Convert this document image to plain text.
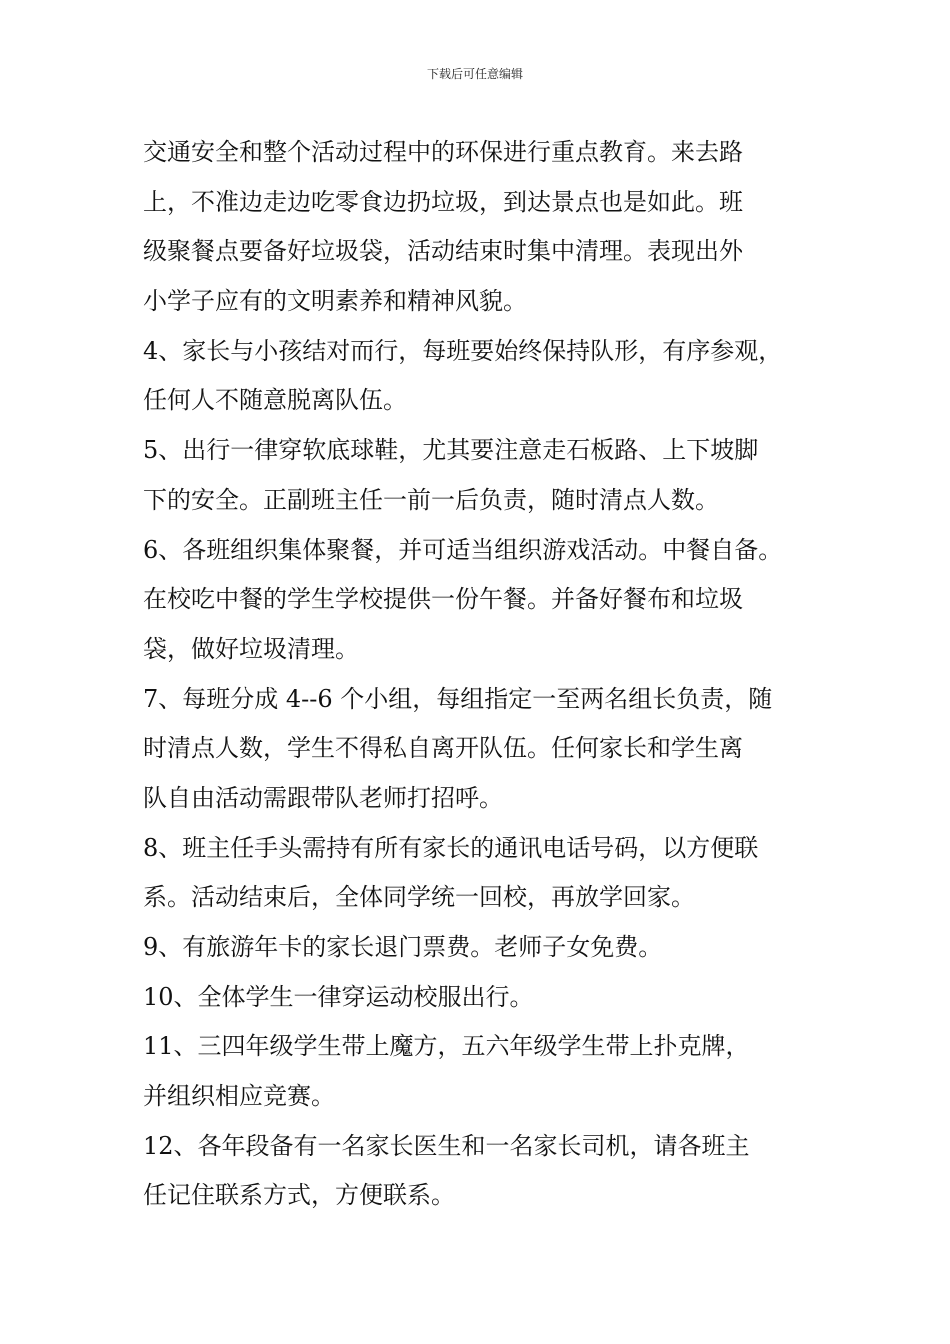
下载后可任意编辑
交通安全和整个活动过程中的环保进行重点教育。来去路
上，不准边走边吃零食边扔垃圾，到达景点也是如此。班
级聚餐点要备好垃圾袋，活动结束时集中清理。表现出外
小学子应有的文明素养和精神风貌。
4、家长与小孩结对而行，每班要始终保持队形，有序参观，
任何人不随意脱离队伍。
5、出行一律穿软底球鞋，尤其要注意走石板路、上下坡脚
下的安全。正副班主任一前一后负责，随时清点人数。
6、各班组织集体聚餐，并可适当组织游戏活动。中餐自备。
在校吃中餐的学生学校提供一份午餐。并备好餐布和垃圾
袋，做好垃圾清理。
7、每班分成 4--6 个小组，每组指定一至两名组长负责，随
时清点人数，学生不得私自离开队伍。任何家长和学生离
队自由活动需跟带队老师打招呼。
8、班主任手头需持有所有家长的通讯电话号码，以方便联
系。活动结束后，全体同学统一回校，再放学回家。
9、有旅游年卡的家长退门票费。老师子女免费。
10、全体学生一律穿运动校服出行。
11、三四年级学生带上魔方，五六年级学生带上扑克牌，
并组织相应竞赛。
12、各年段备有一名家长医生和一名家长司机，请各班主
任记住联系方式，方便联系。
